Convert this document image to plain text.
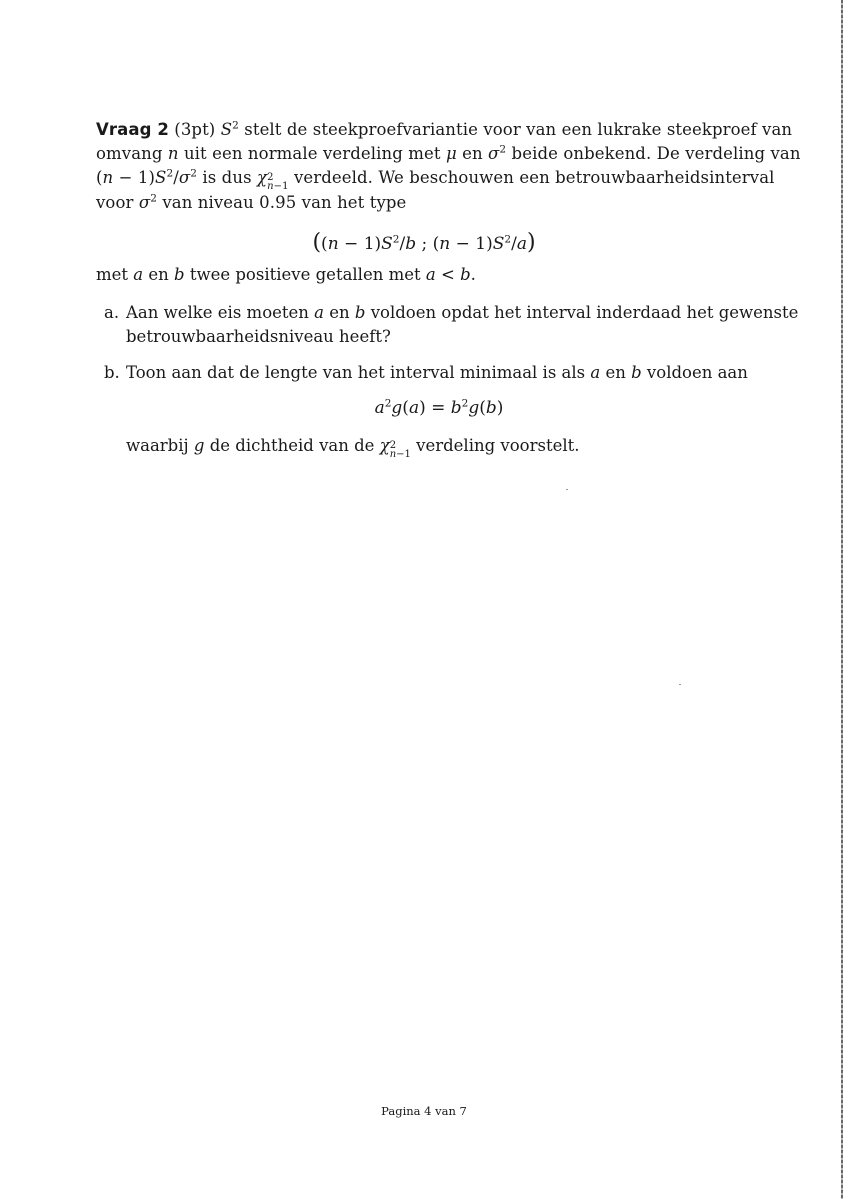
Vraag 2 (3pt) $S^2$ stelt de steekproefvariantie voor van een lukrake steekproef van
omvang n uit een normale verdeling met μ en $\sigma^2$ beide onbekend. De verdeling van
$(n - 1)S^2/\sigma^2$ is dus χ 2
n−1 verdeeld. We beschouwen een betrouwbaarheidsinterval
voor $\sigma^2$ van niveau 0.95 van het type
($(n - 1)S^2/b$ ; $(n - 1)S^2/a$)
met a en b twee positieve getallen met a < b.
a. Aan welke eis moeten a en b voldoen opdat het interval inderdaad het gewenste
betrouwbaarheidsniveau heeft?
b. Toon aan dat de lengte van het interval minimaal is als a en b voldoen aan
$a^2g(a) = b^2g(b)$
waarbij g de dichtheid van de χ 2
n−1 verdeling voorstelt.
Pagina 4 van 7
